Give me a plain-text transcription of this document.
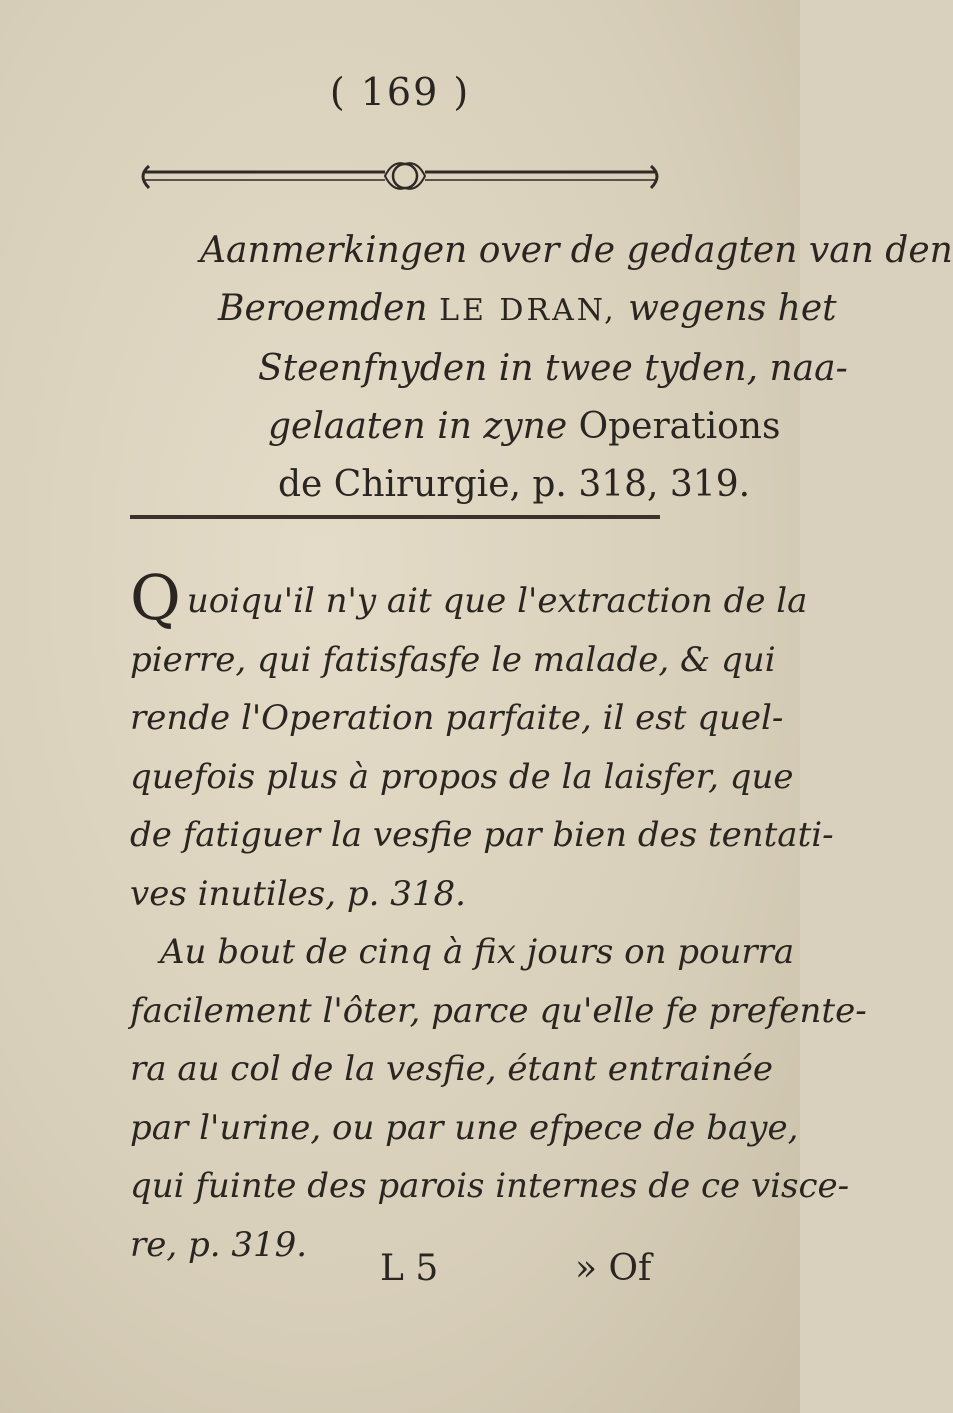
( 169 )
Aanmerkingen over de gedagten van den
Beroemden LE DRAN, wegens het
Steenfnyden in twee tyden, naa-
gelaaten in zyne Operations
de Chirurgie, p. 318, 319.

Q uoiqu'il n'y ait que l'extraction de la
pierre, qui fatisfasfe le malade, & qui
rende l'Operation parfaite, il est quel-
quefois plus à propos de la laisfer, que
de fatiguer la vesfie par bien des tentati-
ves inutiles, p. 318.

Au bout de cinq à fix jours on pourra
facilement l'ôter, parce qu'elle fe prefente-
ra au col de la vesfie, étant entrainée
par l'urine, ou par une efpece de baye,
qui fuinte des parois internes de ce visce-
re, p. 319.

L 5	» Of
